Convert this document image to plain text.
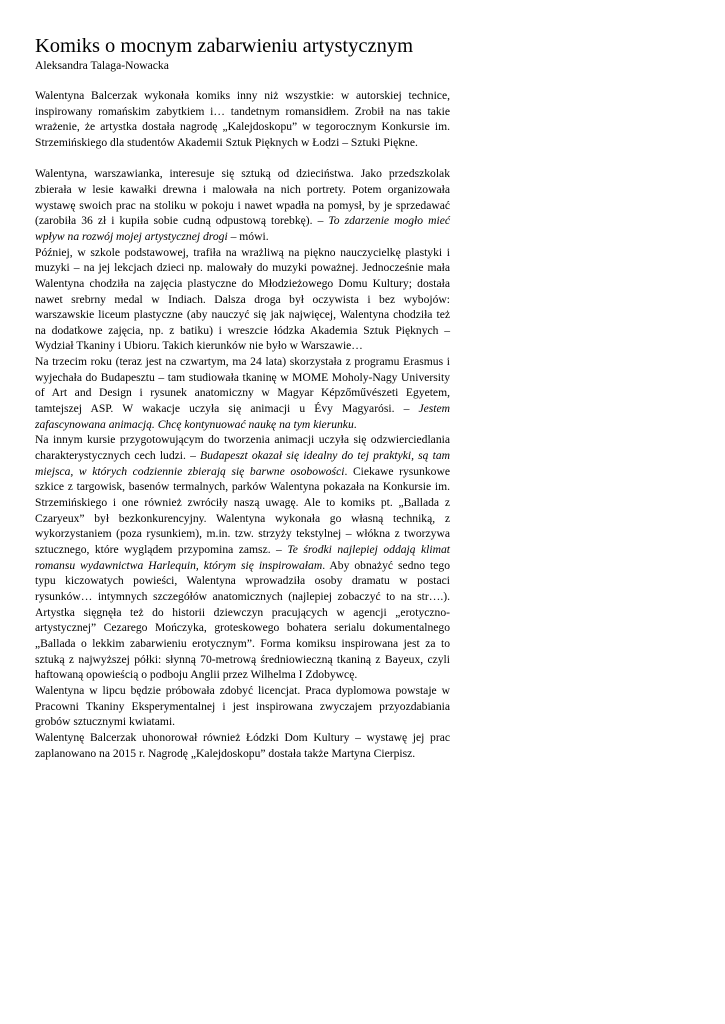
Komiks o mocnym zabarwieniu artystycznym
Aleksandra Talaga-Nowacka

Walentyna Balcerzak wykonała komiks inny niż wszystkie: w autorskiej technice, inspirowany romańskim zabytkiem i… tandetnym romansidłem. Zrobił na nas takie wrażenie, że artystka dostała nagrodę „Kalejdoskopu” w tegorocznym Konkursie im. Strzemińskiego dla studentów Akademii Sztuk Pięknych w Łodzi – Sztuki Piękne.

Walentyna, warszawianka, interesuje się sztuką od dzieciństwa. Jako przedszkolak zbierała w lesie kawałki drewna i malowała na nich portrety. Potem organizowała wystawę swoich prac na stoliku w pokoju i nawet wpadła na pomysł, by je sprzedawać (zarobiła 36 zł i kupiła sobie cudną odpustową torebkę). – To zdarzenie mogło mieć wpływ na rozwój mojej artystycznej drogi – mówi.

Później, w szkole podstawowej, trafiła na wrażliwą na piękno nauczycielkę plastyki i muzyki – na jej lekcjach dzieci np. malowały do muzyki poważnej. Jednocześnie mała Walentyna chodziła na zajęcia plastyczne do Młodzieżowego Domu Kultury; dostała nawet srebrny medal w Indiach. Dalsza droga był oczywista i bez wybojów: warszawskie liceum plastyczne (aby nauczyć się jak najwięcej, Walentyna chodziła też na dodatkowe zajęcia, np. z batiku) i wreszcie łódzka Akademia Sztuk Pięknych – Wydział Tkaniny i Ubioru. Takich kierunków nie było w Warszawie…

Na trzecim roku (teraz jest na czwartym, ma 24 lata) skorzystała z programu Erasmus i wyjechała do Budapesztu – tam studiowała tkaninę w MOME Moholy-Nagy University of Art and Design i rysunek anatomiczny w Magyar Képzőművészeti Egyetem, tamtejszej ASP. W wakacje uczyła się animacji u Évy Magyarósi. – Jestem zafascynowana animacją. Chcę kontynuować naukę na tym kierunku.

Na innym kursie przygotowującym do tworzenia animacji uczyła się odzwierciedlania charakterystycznych cech ludzi. – Budapeszt okazał się idealny do tej praktyki, są tam miejsca, w których codziennie zbierają się barwne osobowości. Ciekawe rysunkowe szkice z targowisk, basenów termalnych, parków Walentyna pokazała na Konkursie im. Strzemińskiego i one również zwróciły naszą uwagę. Ale to komiks pt. „Ballada z Czaryeux” był bezkonkurencyjny. Walentyna wykonała go własną techniką, z wykorzystaniem (poza rysunkiem), m.in. tzw. strzyży tekstylnej – włókna z tworzywa sztucznego, które wyglądem przypomina zamsz. – Te środki najlepiej oddają klimat romansu wydawnictwa Harlequin, którym się inspirowałam. Aby obnażyć sedno tego typu kiczowatych powieści, Walentyna wprowadziła osoby dramatu w postaci rysunków… intymnych szczegółów anatomicznych (najlepiej zobaczyć to na str….). Artystka sięgnęła też do historii dziewczyn pracujących w agencji „erotyczno-artystycznej” Cezarego Mończyka, groteskowego bohatera serialu dokumentalnego „Ballada o lekkim zabarwieniu erotycznym”. Forma komiksu inspirowana jest za to sztuką z najwyższej półki: słynną 70-metrową średniowieczną tkaniną z Bayeux, czyli haftowaną opowieścią o podboju Anglii przez Wilhelma I Zdobywcę.

Walentyna w lipcu będzie próbowała zdobyć licencjat. Praca dyplomowa powstaje w Pracowni Tkaniny Eksperymentalnej i jest inspirowana zwyczajem przyozdabiania grobów sztucznymi kwiatami.

Walentynę Balcerzak uhonorował również Łódzki Dom Kultury – wystawę jej prac zaplanowano na 2015 r. Nagrodę „Kalejdoskopu” dostała także Martyna Cierpisz.
